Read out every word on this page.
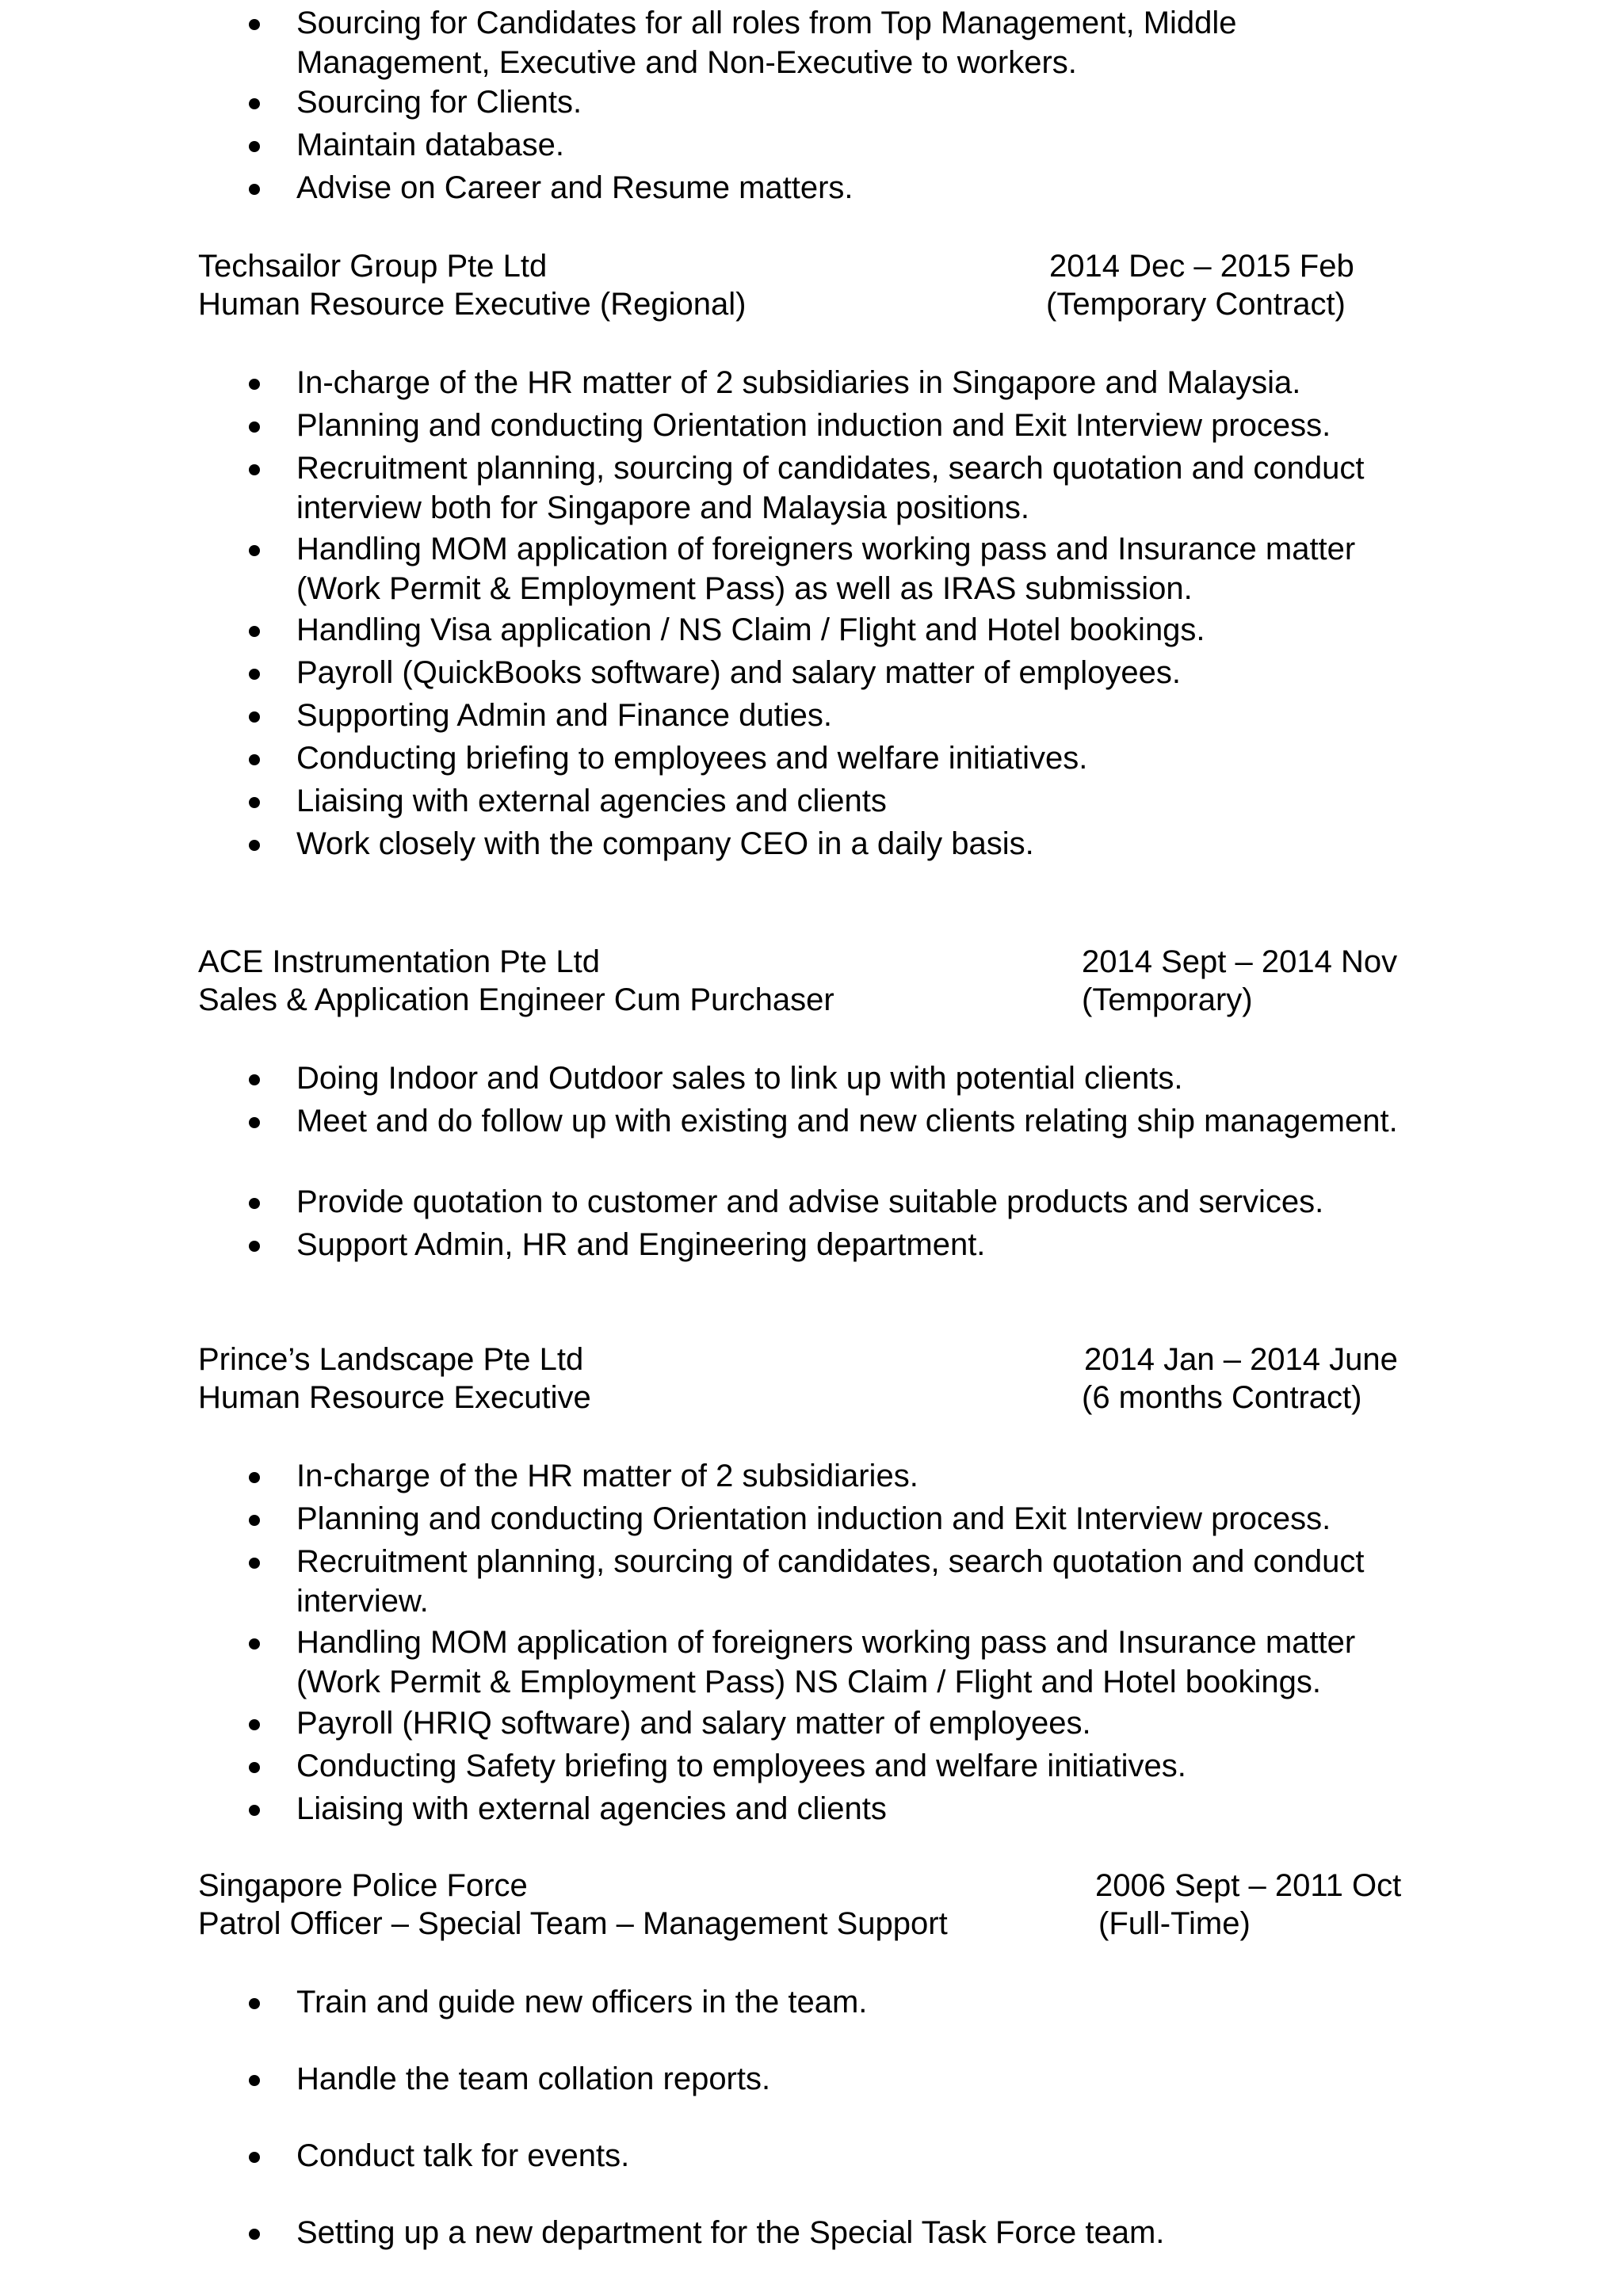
Sourcing for Candidates for all roles from Top Management, Middle Management, Executive and Non-Executive to workers.
Sourcing for Clients.
Maintain database.
Advise on Career and Resume matters.
Techsailor Group Pte Ltd	2014 Dec – 2015 Feb
Human Resource Executive (Regional)	(Temporary Contract)
In-charge of the HR matter of 2 subsidiaries in Singapore and Malaysia.
Planning and conducting Orientation induction and Exit Interview process.
Recruitment planning, sourcing of candidates, search quotation and conduct interview both for Singapore and Malaysia positions.
Handling MOM application of foreigners working pass and Insurance matter (Work Permit & Employment Pass) as well as IRAS submission.
Handling Visa application / NS Claim / Flight and Hotel bookings.
Payroll (QuickBooks software) and salary matter of employees.
Supporting Admin and Finance duties.
Conducting briefing to employees and welfare initiatives.
Liaising with external agencies and clients
Work closely with the company CEO in a daily basis.
ACE Instrumentation Pte Ltd	2014 Sept – 2014 Nov
Sales & Application Engineer Cum Purchaser	(Temporary)
Doing Indoor and Outdoor sales to link up with potential clients.
Meet and do follow up with existing and new clients relating ship management.
Provide quotation to customer and advise suitable products and services.
Support Admin, HR and Engineering department.
Prince’s Landscape Pte Ltd	2014 Jan – 2014 June
Human Resource Executive	(6 months Contract)
In-charge of the HR matter of 2 subsidiaries.
Planning and conducting Orientation induction and Exit Interview process.
Recruitment planning, sourcing of candidates, search quotation and conduct interview.
Handling MOM application of foreigners working pass and Insurance matter (Work Permit & Employment Pass) NS Claim / Flight and Hotel bookings.
Payroll (HRIQ software) and salary matter of employees.
Conducting Safety briefing to employees and welfare initiatives.
Liaising with external agencies and clients
Singapore Police Force	2006 Sept – 2011 Oct
Patrol Officer – Special Team – Management Support	(Full-Time)
Train and guide new officers in the team.
Handle the team collation reports.
Conduct talk for events.
Setting up a new department for the Special Task Force team.
